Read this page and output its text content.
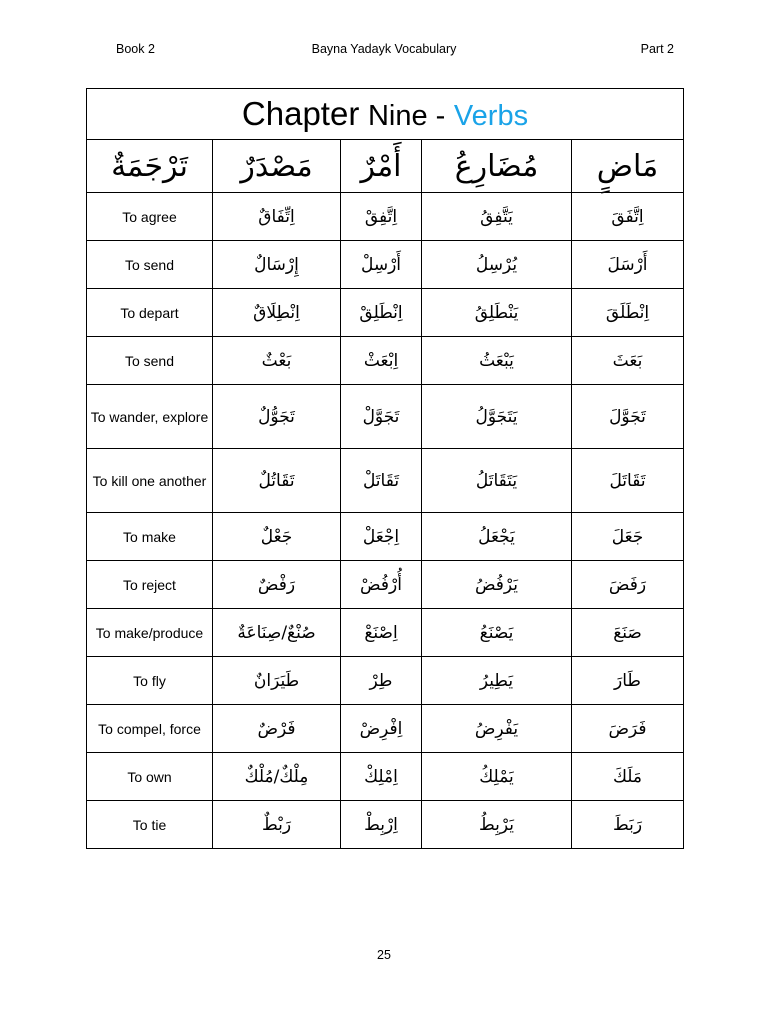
Book 2	Bayna Yadayk Vocabulary	Part 2
Chapter Nine - Verbs				
تَرْجَمَةٌ	مَصْدَرٌ	أَمْرٌ	مُضَارِعُ	مَاضٍ
To agree	اِتِّفَاقٌ	اِتَّفِقْ	يَتَّفِقُ	اِتَّفَقَ
To send	إِرْسَالٌ	أَرْسِلْ	يُرْسِلُ	أَرْسَلَ
To depart	اِنْطِلَاقٌ	اِنْطَلِقْ	يَنْطَلِقُ	اِنْطَلَقَ
To send	بَعْثٌ	اِبْعَثْ	يَبْعَثُ	بَعَثَ
To wander, explore	تَجَوُّلٌ	تَجَوَّلْ	يَتَجَوَّلُ	تَجَوَّلَ
To kill one another	تَقَاتُلٌ	تَقَاتَلْ	يَتَقَاتَلُ	تَقَاتَلَ
To make	جَعْلٌ	اِجْعَلْ	يَجْعَلُ	جَعَلَ
To reject	رَفْضٌ	أُرْفُضْ	يَرْفُضُ	رَفَضَ
To make/produce	صُنْعٌ/صِنَاعَةٌ	اِصْنَعْ	يَصْنَعُ	صَنَعَ
To fly	طَيَرَانٌ	طِرْ	يَطِيرُ	طَارَ
To compel, force	فَرْضٌ	اِفْرِضْ	يَفْرِضُ	فَرَضَ
To own	مِلْكٌ/مُلْكٌ	اِمْلِكْ	يَمْلِكُ	مَلَكَ
To tie	رَبْطٌ	اِرْبِطْ	يَرْبِطُ	رَبَطَ
25
